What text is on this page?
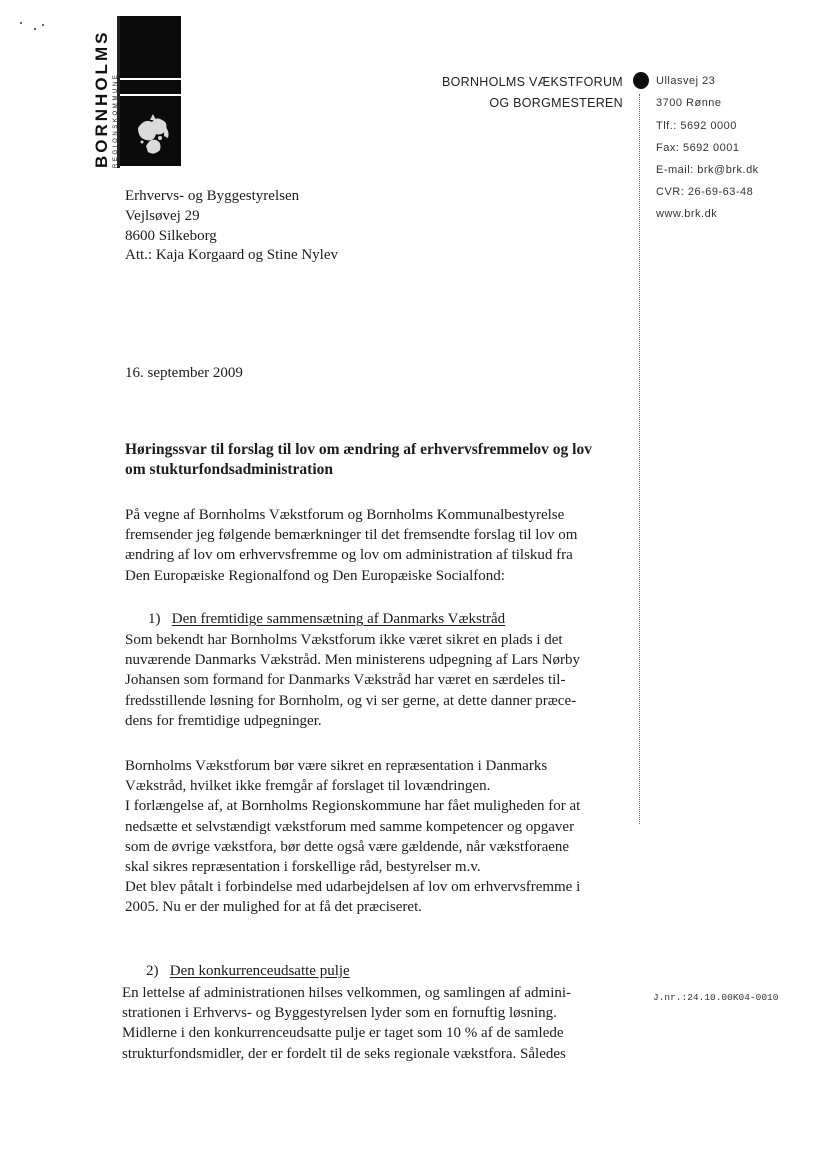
BORNHOLMS REGIONSKOMMUNE	BORNHOLMS VÆKSTFORUM
OG BORGMESTEREN
Ullasvej 23
3700 Rønne
Tlf.: 5692 0000
Fax: 5692 0001
E-mail: brk@brk.dk
CVR: 26-69-63-48
www.brk.dk
Erhvervs- og Byggestyrelsen
Vejlsøvej 29
8600 Silkeborg
Att.: Kaja Korgaard og Stine Nylev
16. september 2009
Høringssvar til forslag til lov om ændring af erhvervsfremmelov og lov
om stukturfondsadministration
På vegne af Bornholms Vækstforum og Bornholms Kommunalbestyrelse
fremsender jeg følgende bemærkninger til det fremsendte forslag til lov om
ændring af lov om erhvervsfremme og lov om administration af tilskud fra
Den Europæiske Regionalfond og Den Europæiske Socialfond:
1) Den fremtidige sammensætning af Danmarks Vækstråd
Som bekendt har Bornholms Vækstforum ikke været sikret en plads i det
nuværende Danmarks Vækstråd. Men ministerens udpegning af Lars Nørby
Johansen som formand for Danmarks Vækstråd har været en særdeles til-
fredsstillende løsning for Bornholm, og vi ser gerne, at dette danner præce-
dens for fremtidige udpegninger.
Bornholms Vækstforum bør være sikret en repræsentation i Danmarks
Vækstråd, hvilket ikke fremgår af forslaget til lovændringen.
I forlængelse af, at Bornholms Regionskommune har fået muligheden for at
nedsætte et selvstændigt vækstforum med samme kompetencer og opgaver
som de øvrige vækstfora, bør dette også være gældende, når vækstforaene
skal sikres repræsentation i forskellige råd, bestyrelser m.v.
Det blev påtalt i forbindelse med udarbejdelsen af lov om erhvervsfremme i
2005. Nu er der mulighed for at få det præciseret.
2) Den konkurrenceudsatte pulje
En lettelse af administrationen hilses velkommen, og samlingen af admini-
strationen i Erhvervs- og Byggestyrelsen lyder som en fornuftig løsning.
Midlerne i den konkurrenceudsatte pulje er taget som 10 % af de samlede
strukturfondsmidler, der er fordelt til de seks regionale vækstfora. Således
J.nr.:24.10.00K04-0010
